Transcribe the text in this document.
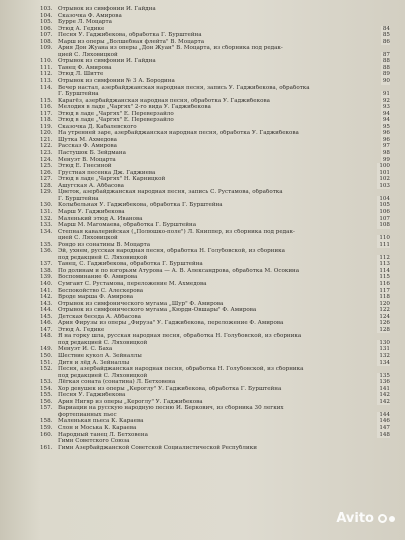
103. Отрывок из симфонии И. Гайдна
104. Сказочка Ф. Амирова
105. Бурре Л. Моцарта
106. Этюд А. Гедике	84
107. Песня У. Гаджибекова, обработка Г. Бурштейна	85
108. Марш из оперы „Волшебная флейта" В. Моцарта	86
109. Ария Дон Жуана из оперы „Дон Жуан" В. Моцарта, из сборника под редак-
цией С. Ляховицкой	87
110. Отрывок из симфонии И. Гайдна	88
111. Танец Ф. Амирова	88
112. Этюд Л. Шитте	89
113. Отрывок из симфонии № 3 А. Бородина	90
114. Вечер настал, азербайджанская народная песня, запись У. Гаджибекова, обработка
Г. Бурштейна	91
115. Карагёз, азербайджанская народная песня, обработка У. Гаджибекова	92
116. Мелодия в ладе „Чаргях" 2-го вида У. Гаджибекова	93
117. Этюд в ладе „Чаргях" Е. Переверзайло	94
118. Этюд в ладе „Чаргях" Е. Переверзайло	94
119. Сказочка Д. Кабалевского	95
120. На утренней заре, азербайджанская народная песня, обработка У. Гаджибекова	96
121. Шутка М. Ахмедова	96
122. Рассказ Ф. Амирова	97
123. Пастушок Б. Зейдмана	98
124. Менуэт В. Моцарта	99
125. Этюд Е. Гнесиной	100
126. Грустная песенка Дж. Гаджиева	101
127. Этюд в ладе „Чаргях" Н. Карницкой	102
128. Ашугская А. Аббасова	103
129. Цветок, азербайджанская народная песня, запись С. Рустамова, обработка
Г. Бурштейна	104
130. Колыбельная У. Гаджибекова, обработка Г. Бурштейна	105
131. Марш У. Гаджибекова	106
132. Маленький этюд А. Иванова	107
133. Марш М. Магомаева, обработка Г. Бурштейна	108
134. Степная кавалерийская („Полюшко-поле") Л. Книппер, из сборника под редак-
цией С. Ляховицкой	110
135. Рондо из сонатины В. Моцарта	111
136. Эй, ухнем, русская народная песня, обработка Н. Голубовской, из сборника
под редакцией С. Ляховицкой	112
137. Танец, С. Гаджибекова, обработка Г. Бурштейна	113
138. По долинам и по взгорьям Атурова — А. В. Александрова, обработка М. Осокина	114
139. Воспоминание Ф. Амирова	115
140. Сумгаит С. Рустамова, переложение М. Ахмедова	116
141. Беспокойство С. Алескерова	117
142. Вроде марша Ф. Амирова	118
143. Отрывок из симфонического мугама „Шур" Ф. Амирова	120
144. Отрывок из симфонического мугама „Кюрди-Овшары" Ф. Амирова	122
145. Детская беседа А. Аббасова	124
146. Ария Фирузы из оперы „Фируза" У. Гаджибекова, переложение Ф. Амирова	126
147. Этюд А. Гедике	128
148. Я на горку шла, русская народная песня, обработка Н. Голубовской, из сборника
под редакцией С. Ляховицкой	130
149. Менуэт И. С. Баха	131
150. Шествие кукол А. Зейналлы	132
151. Дитя и лёд А. Зейналлы	134
152. Песня, азербайджанская народная песня, обработка Н. Голубовской, из сборника
под редакцией С. Ляховицкой	135
153. Лёгкая соната (сонатина) Л. Бетховена	136
154. Хор девушек из оперы „Кероглу" У. Гаджибекова, обработка Г. Бурштейна	141
155. Песня У. Гаджибекова	142
156. Ария Нигяр из оперы „Кероглу" У. Гаджибекова	142
157. Вариации на русскую народную песню И. Беркович, из сборника 30 легких
фортепианных пьес	144
158. Маленькая пьеса К. Караева	146
159. Слон и Моська К. Караева	147
160. Народный танец Л. Бетховена	148
Гимн Советского Союза
161. Гимн Азербайджанской Советской Социалистической Республики
Avito
